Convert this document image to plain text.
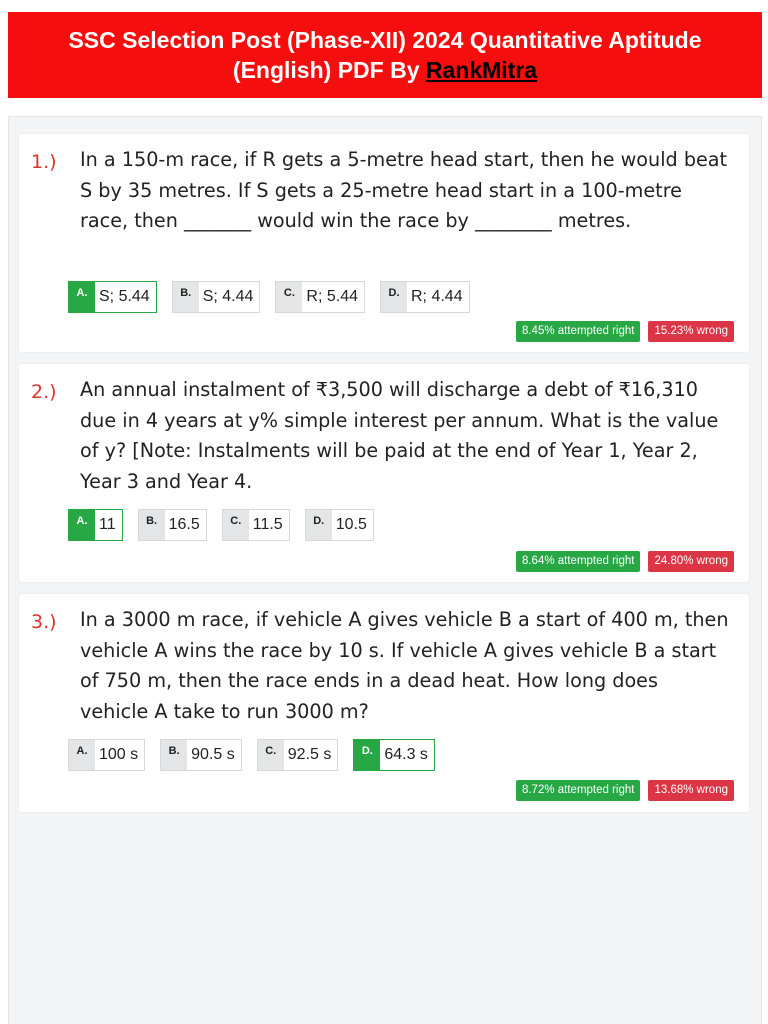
SSC Selection Post (Phase-XII) 2024 Quantitative Aptitude
(English) PDF By RankMitra
1.) In a 150-m race, if R gets a 5-metre head start, then he would beat S by 35 metres. If S gets a 25-metre head start in a 100-metre race, then _______ would win the race by ________ metres.
A. S; 5.44	B. S; 4.44	C. R; 5.44	D. R; 4.44
8.45% attempted right	15.23% wrong
2.) An annual instalment of ₹3,500 will discharge a debt of ₹16,310 due in 4 years at y% simple interest per annum. What is the value of y? [Note: Instalments will be paid at the end of Year 1, Year 2, Year 3 and Year 4.
A. 11	B. 16.5	C. 11.5	D. 10.5
8.64% attempted right	24.80% wrong
3.) In a 3000 m race, if vehicle A gives vehicle B a start of 400 m, then vehicle A wins the race by 10 s. If vehicle A gives vehicle B a start of 750 m, then the race ends in a dead heat. How long does vehicle A take to run 3000 m?
A. 100 s	B. 90.5 s	C. 92.5 s	D. 64.3 s
8.72% attempted right	13.68% wrong
